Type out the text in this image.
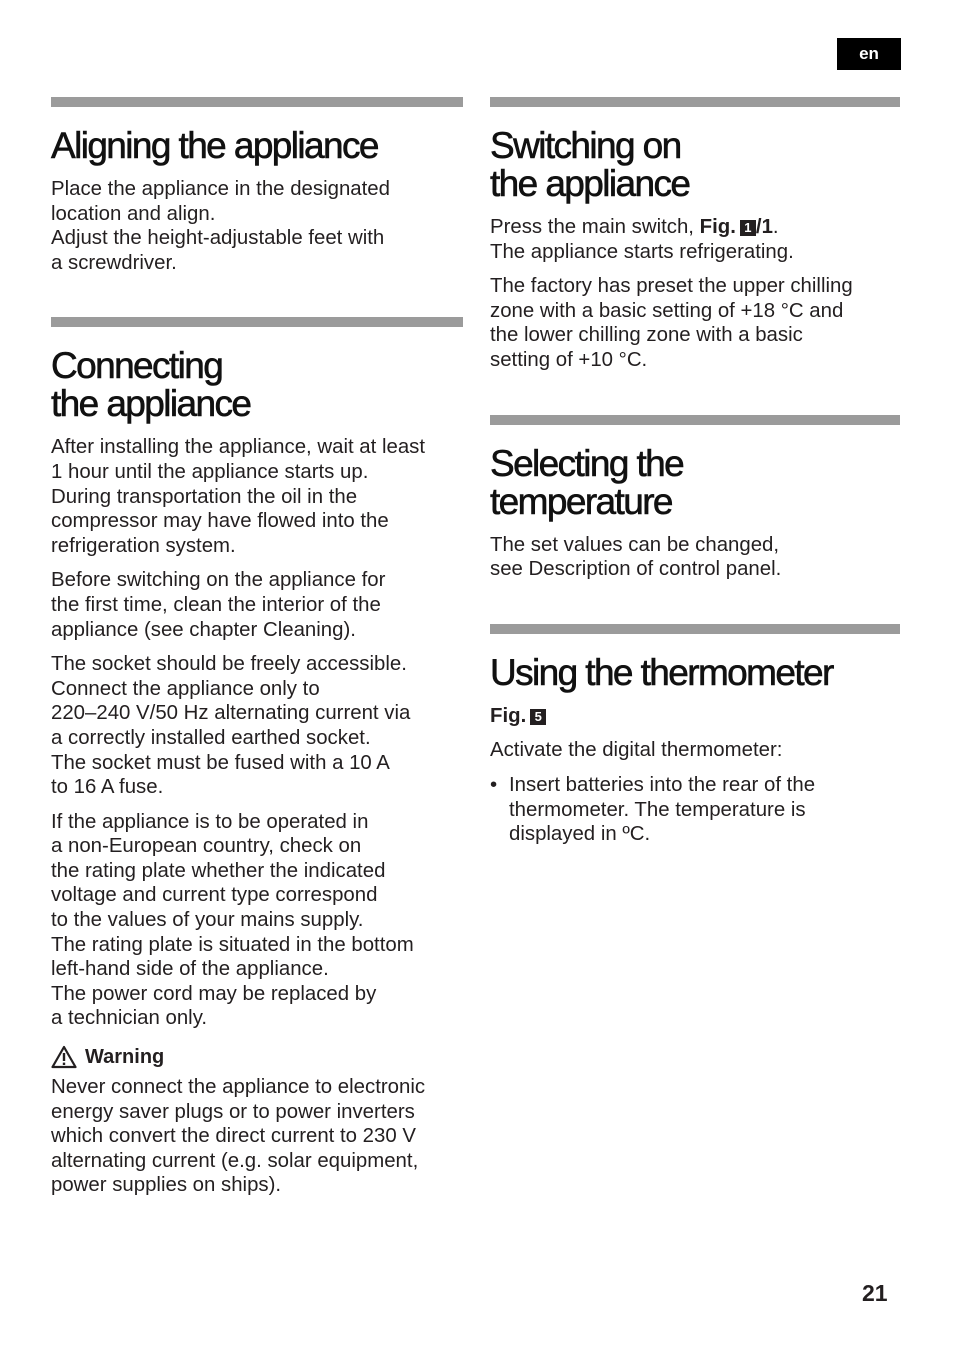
en
Aligning the appliance

Place the appliance in the designated
location and align.
Adjust the height-adjustable feet with
a screwdriver.

Connecting
the appliance

After installing the appliance, wait at least
1 hour until the appliance starts up.
During transportation the oil in the
compressor may have flowed into the
refrigeration system.

Before switching on the appliance for
the first time, clean the interior of the
appliance (see chapter Cleaning).

The socket should be freely accessible.
Connect the appliance only to
220–240 V/50 Hz alternating current via
a correctly installed earthed socket.
The socket must be fused with a 10 A
to 16 A fuse.

If the appliance is to be operated in
a non-European country, check on
the rating plate whether the indicated
voltage and current type correspond
to the values of your mains supply.
The rating plate is situated in the bottom
left-hand side of the appliance.
The power cord may be replaced by
a technician only.

Warning

Never connect the appliance to electronic
energy saver plugs or to power inverters
which convert the direct current to 230 V
alternating current (e.g. solar equipment,
power supplies on ships).

Switching on
the appliance

Press the main switch, Fig. 1 /1.
The appliance starts refrigerating.

The factory has preset the upper chilling
zone with a basic setting of +18 °C and
the lower chilling zone with a basic
setting of +10 °C.

Selecting the
temperature

The set values can be changed,
see Description of control panel.

Using the thermometer

Fig. 5

Activate the digital thermometer:

• Insert batteries into the rear of the
thermometer. The temperature is
displayed in ºC.
21
